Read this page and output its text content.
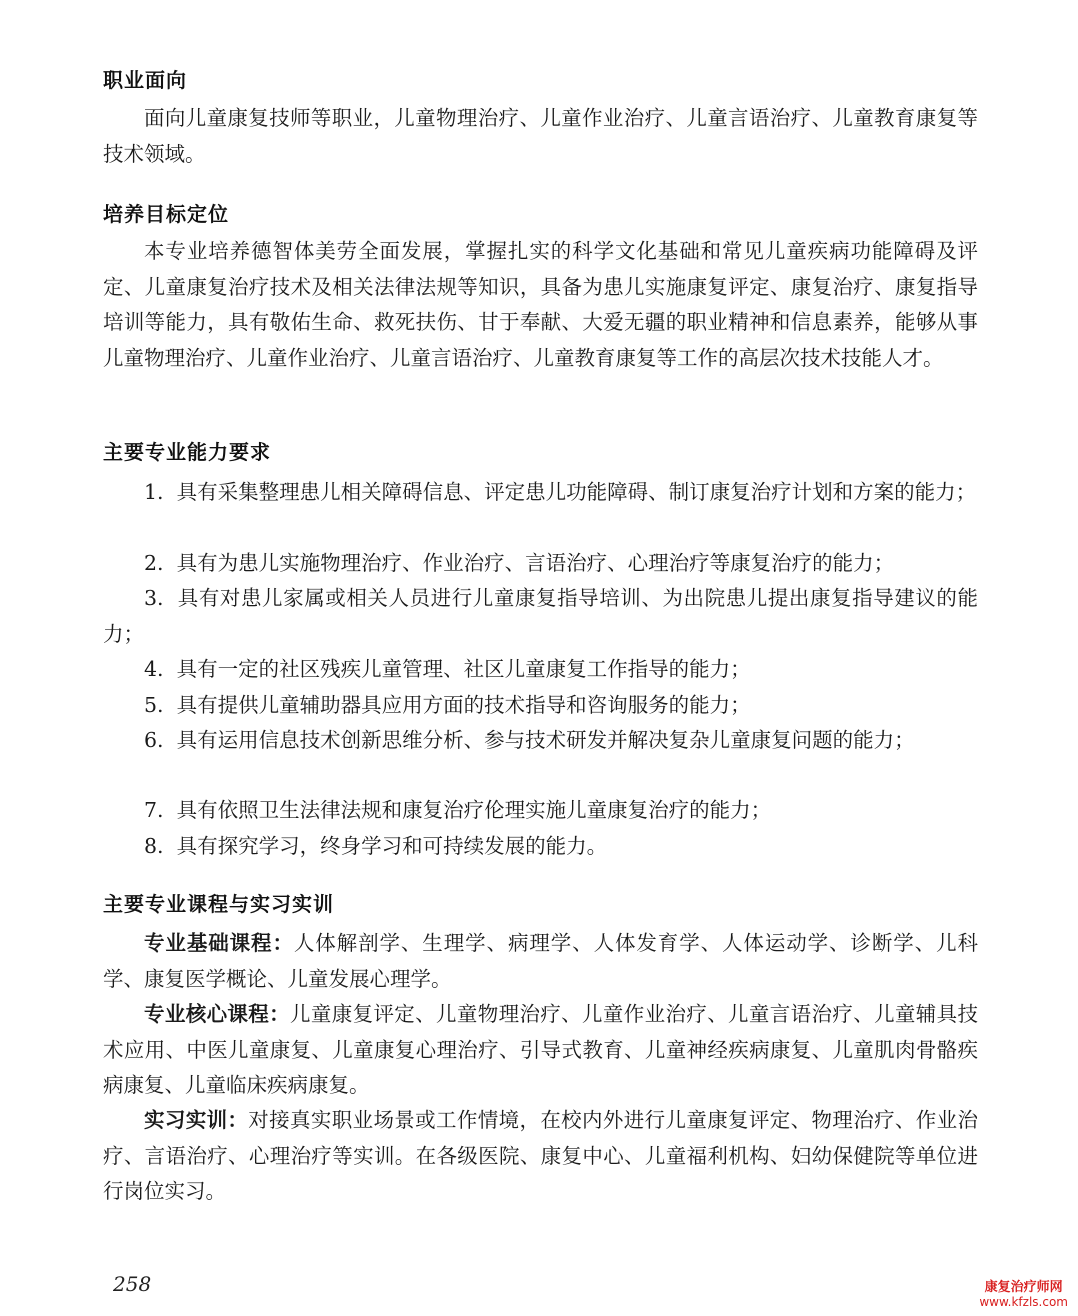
职业面向

面向儿童康复技师等职业，儿童物理治疗、儿童作业治疗、儿童言语治疗、儿童教育康复等技术领域。

培养目标定位

本专业培养德智体美劳全面发展，掌握扎实的科学文化基础和常见儿童疾病功能障碍及评定、儿童康复治疗技术及相关法律法规等知识，具备为患儿实施康复评定、康复治疗、康复指导培训等能力，具有敬佑生命、救死扶伤、甘于奉献、大爱无疆的职业精神和信息素养，能够从事儿童物理治疗、儿童作业治疗、儿童言语治疗、儿童教育康复等工作的高层次技术技能人才。

主要专业能力要求

1. 具有采集整理患儿相关障碍信息、评定患儿功能障碍、制订康复治疗计划和方案的能力；

2. 具有为患儿实施物理治疗、作业治疗、言语治疗、心理治疗等康复治疗的能力；

3. 具有对患儿家属或相关人员进行儿童康复指导培训、为出院患儿提出康复指导建议的能力；

4. 具有一定的社区残疾儿童管理、社区儿童康复工作指导的能力；

5. 具有提供儿童辅助器具应用方面的技术指导和咨询服务的能力；

6. 具有运用信息技术创新思维分析、参与技术研发并解决复杂儿童康复问题的能力；

7. 具有依照卫生法律法规和康复治疗伦理实施儿童康复治疗的能力；

8. 具有探究学习，终身学习和可持续发展的能力。

主要专业课程与实习实训

专业基础课程：人体解剖学、生理学、病理学、人体发育学、人体运动学、诊断学、儿科学、康复医学概论、儿童发展心理学。

专业核心课程：儿童康复评定、儿童物理治疗、儿童作业治疗、儿童言语治疗、儿童辅具技术应用、中医儿童康复、儿童康复心理治疗、引导式教育、儿童神经疾病康复、儿童肌肉骨骼疾病康复、儿童临床疾病康复。

实习实训：对接真实职业场景或工作情境，在校内外进行儿童康复评定、物理治疗、作业治疗、言语治疗、心理治疗等实训。在各级医院、康复中心、儿童福利机构、妇幼保健院等单位进行岗位实习。

258	康复治疗师网
www.kfzls.com
